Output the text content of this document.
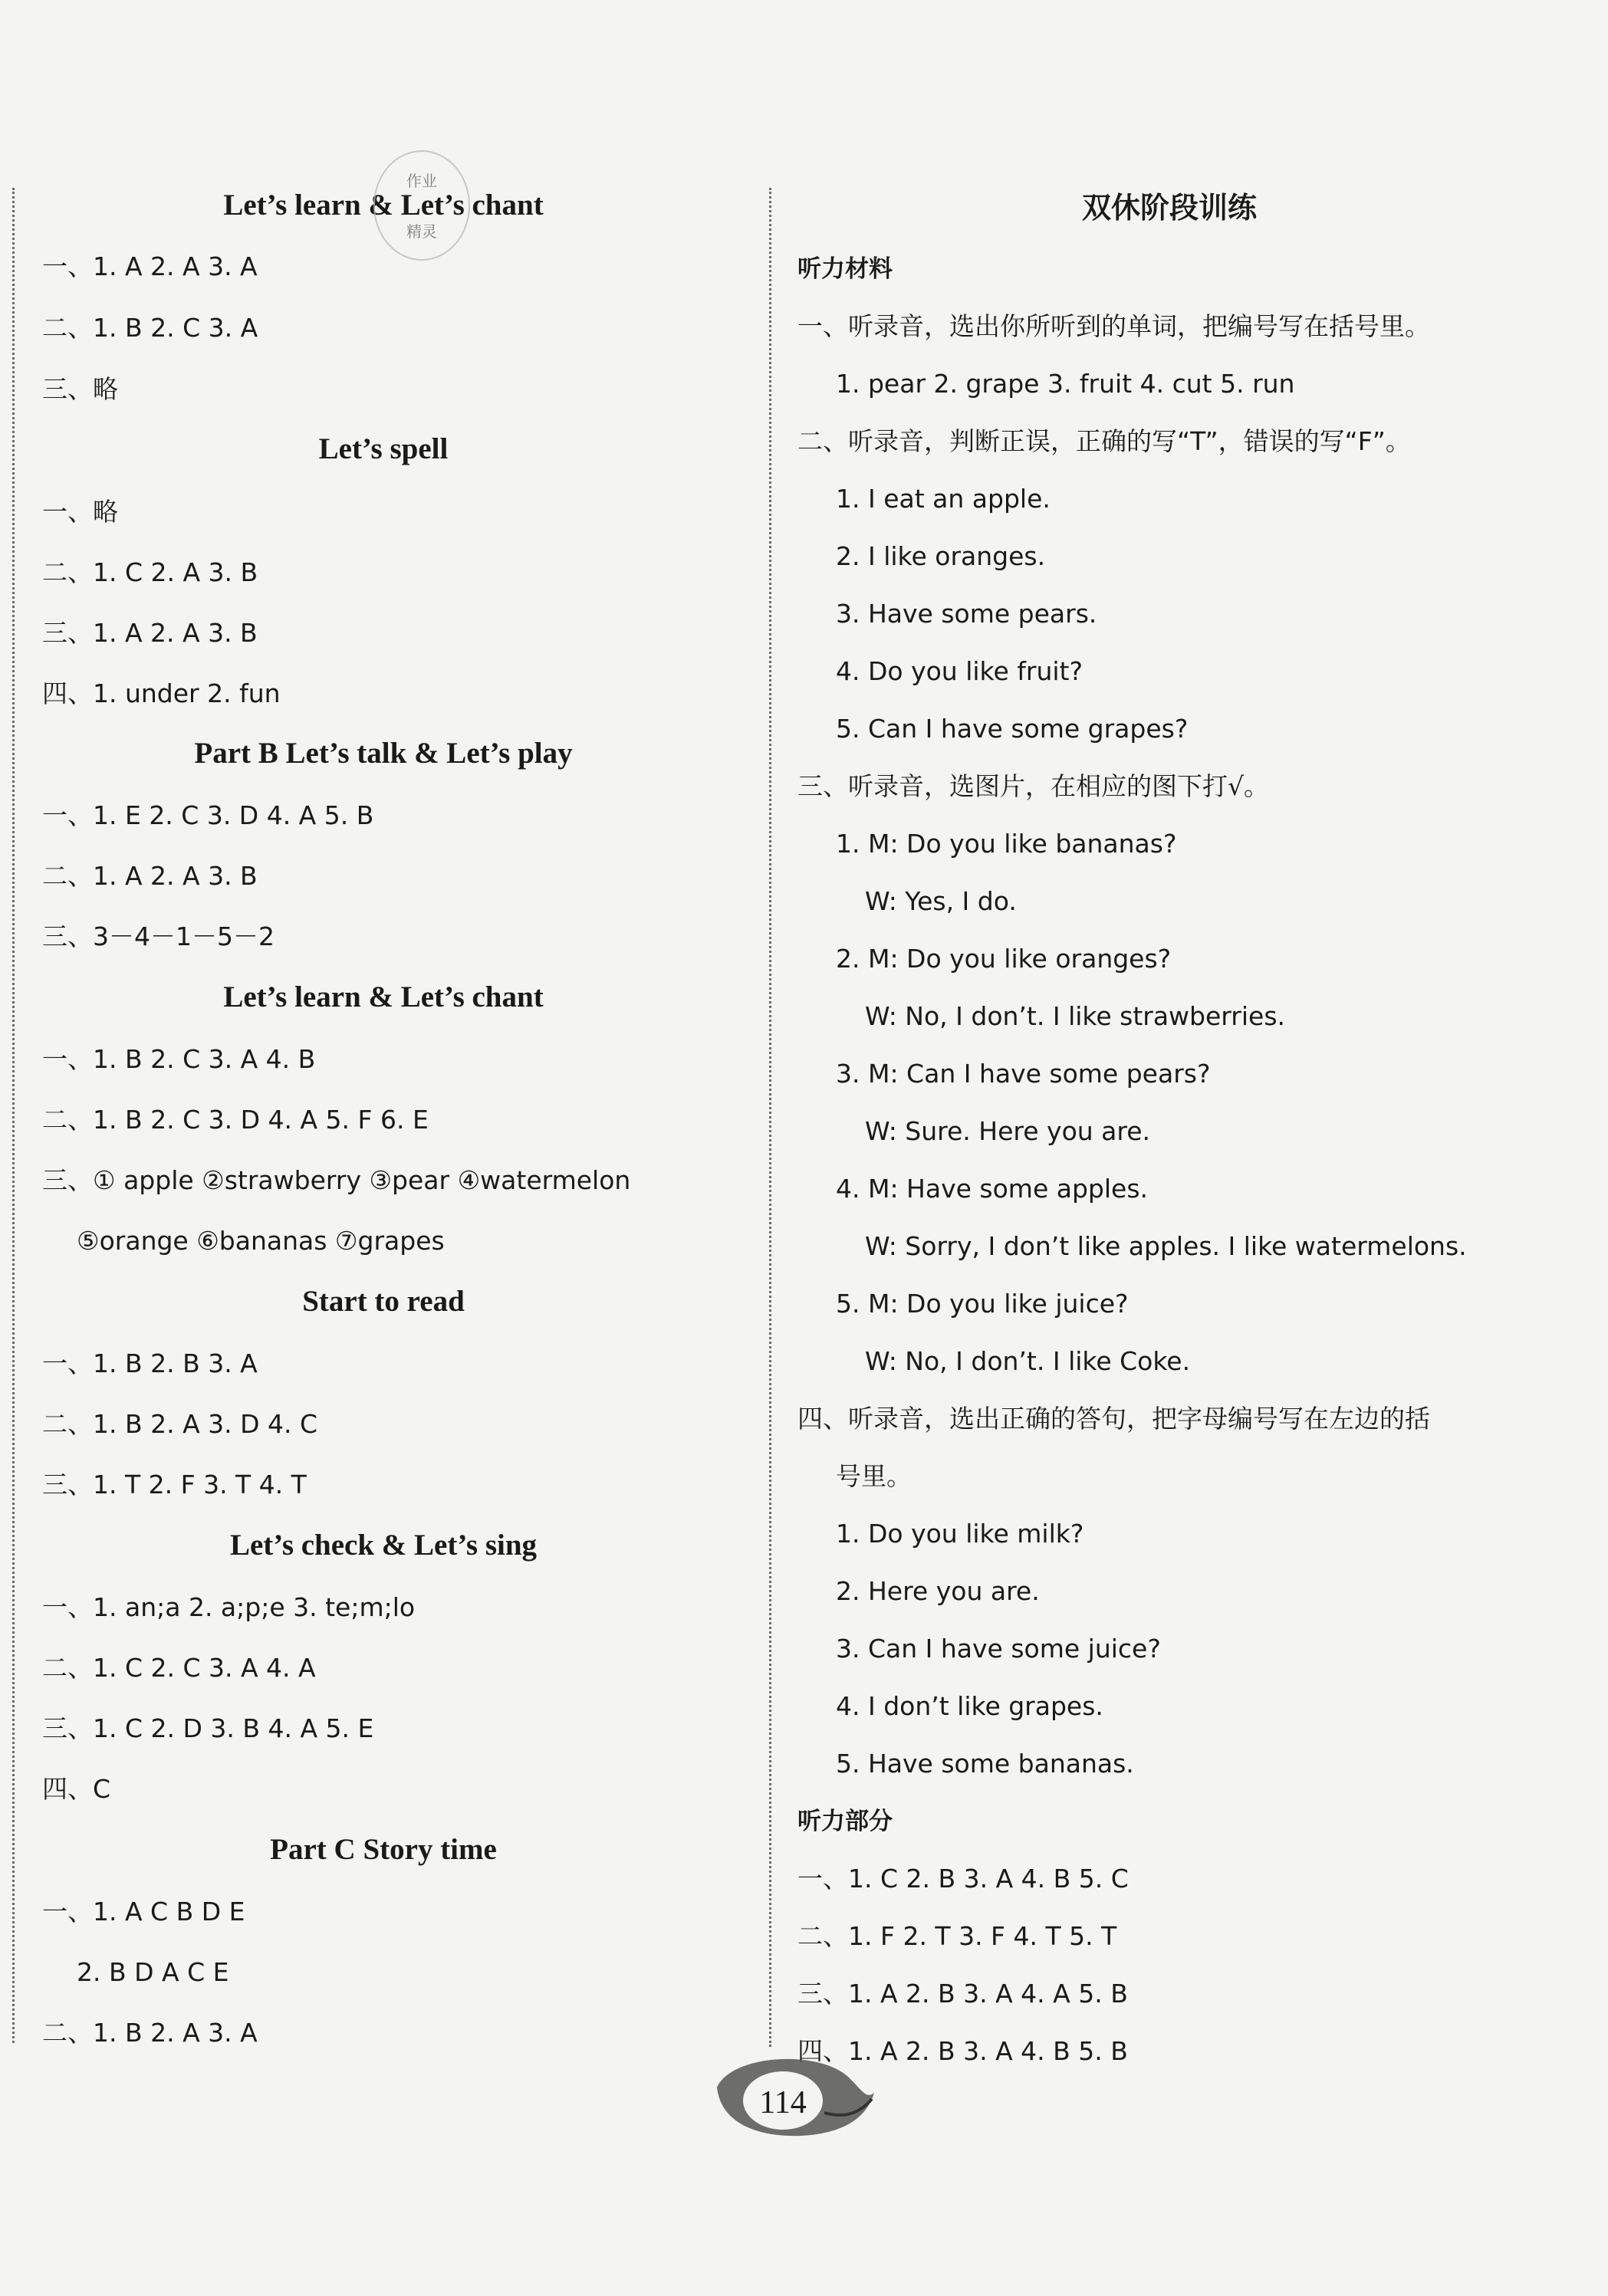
Let’s learn & Let’s chant
作业
精灵
一、1. A 2. A 3. A
二、1. B 2. C 3. A
三、略
Let’s spell
一、略
二、1. C 2. A 3. B
三、1. A 2. A 3. B
四、1. under 2. fun
Part B Let’s talk & Let’s play
一、1. E 2. C 3. D 4. A 5. B
二、1. A 2. A 3. B
三、3－4－1－5－2
Let’s learn & Let’s chant
一、1. B 2. C 3. A 4. B
二、1. B 2. C 3. D 4. A 5. F 6. E
三、① apple ②strawberry ③pear ④watermelon
⑤orange ⑥bananas ⑦grapes
Start to read
一、1. B 2. B 3. A
二、1. B 2. A 3. D 4. C
三、1. T 2. F 3. T 4. T
Let’s check & Let’s sing
一、1. an;a 2. a;p;e 3. te;m;lo
二、1. C 2. C 3. A 4. A
三、1. C 2. D 3. B 4. A 5. E
四、C
Part C Story time
一、1. A C B D E
2. B D A C E
二、1. B 2. A 3. A
双休阶段训练
听力材料
一、听录音，选出你所听到的单词，把编号写在括号里。
1. pear 2. grape 3. fruit 4. cut 5. run
二、听录音，判断正误，正确的写“T”，错误的写“F”。
1. I eat an apple.
2. I like oranges.
3. Have some pears.
4. Do you like fruit?
5. Can I have some grapes?
三、听录音，选图片，在相应的图下打√。
1. M: Do you like bananas?
W: Yes, I do.
2. M: Do you like oranges?
W: No, I don’t. I like strawberries.
3. M: Can I have some pears?
W: Sure. Here you are.
4. M: Have some apples.
W: Sorry, I don’t like apples. I like watermelons.
5. M: Do you like juice?
W: No, I don’t. I like Coke.
四、听录音，选出正确的答句，把字母编号写在左边的括
号里。
1. Do you like milk?
2. Here you are.
3. Can I have some juice?
4. I don’t like grapes.
5. Have some bananas.
听力部分
一、1. C 2. B 3. A 4. B 5. C
二、1. F 2. T 3. F 4. T 5. T
三、1. A 2. B 3. A 4. A 5. B
四、1. A 2. B 3. A 4. B 5. B
114
